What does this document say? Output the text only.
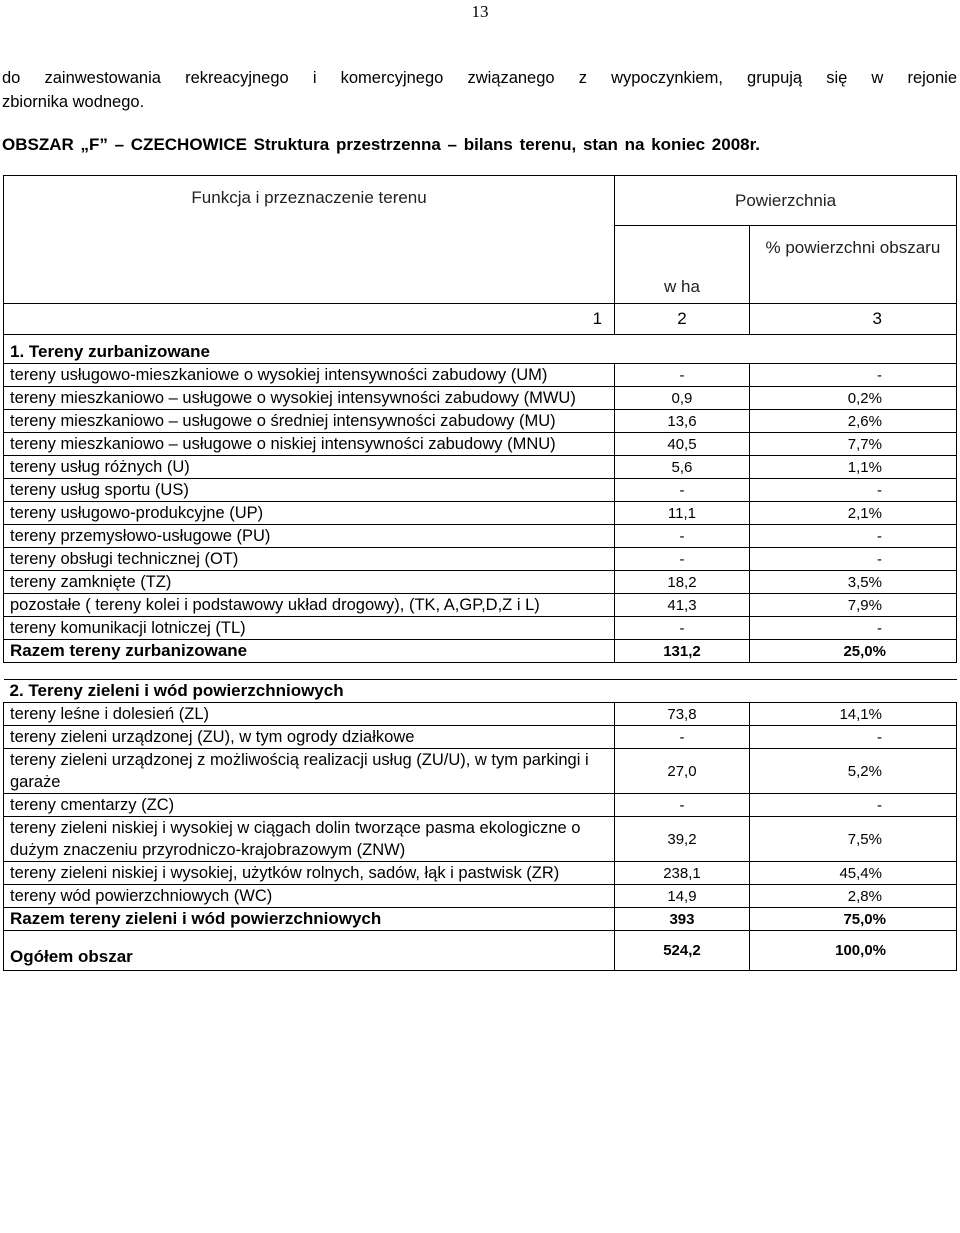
13
do zainwestowania rekreacyjnego i komercyjnego związanego z wypoczynkiem, grupują się w rejonie
zbiornika wodnego.
OBSZAR „F” – CZECHOWICE Struktura przestrzenna – bilans terenu, stan na koniec 2008r.
Funkcja i przeznaczenie terenu	Powierzchnia	
	w ha	% powierzchni obszaru
1	2	3
1. Tereny zurbanizowane		
tereny usługowo-mieszkaniowe o wysokiej intensywności zabudowy (UM)	-	-
tereny mieszkaniowo – usługowe o wysokiej intensywności zabudowy (MWU)	0,9	0,2%
tereny mieszkaniowo – usługowe o średniej intensywności zabudowy (MU)	13,6	2,6%
tereny mieszkaniowo – usługowe o niskiej intensywności zabudowy (MNU)	40,5	7,7%
tereny usług różnych (U)	5,6	1,1%
tereny usług sportu (US)	-	-
tereny usługowo-produkcyjne (UP)	11,1	2,1%
tereny przemysłowo-usługowe (PU)	-	-
tereny obsługi technicznej (OT)	-	-
tereny zamknięte (TZ)	18,2	3,5%
pozostałe ( tereny kolei i podstawowy układ drogowy), (TK, A,GP,D,Z i L)	41,3	7,9%
tereny komunikacji lotniczej (TL)	-	-
Razem tereny zurbanizowane	131,2	25,0%

2. Tereny zieleni i wód powierzchniowych		
tereny leśne i dolesień (ZL)	73,8	14,1%
tereny zieleni urządzonej (ZU), w tym ogrody działkowe	-	-
tereny zieleni urządzonej z możliwością realizacji usług (ZU/U), w tym parkingi i garaże	27,0	5,2%
tereny cmentarzy (ZC)	-	-
tereny zieleni niskiej i wysokiej w ciągach dolin tworzące pasma ekologiczne o dużym znaczeniu przyrodniczo-krajobrazowym (ZNW)	39,2	7,5%
tereny zieleni niskiej i wysokiej, użytków rolnych, sadów, łąk i pastwisk (ZR)	238,1	45,4%
tereny wód powierzchniowych (WC)	14,9	2,8%
Razem tereny zieleni i wód powierzchniowych	393	75,0%
Ogółem obszar	524,2	100,0%
